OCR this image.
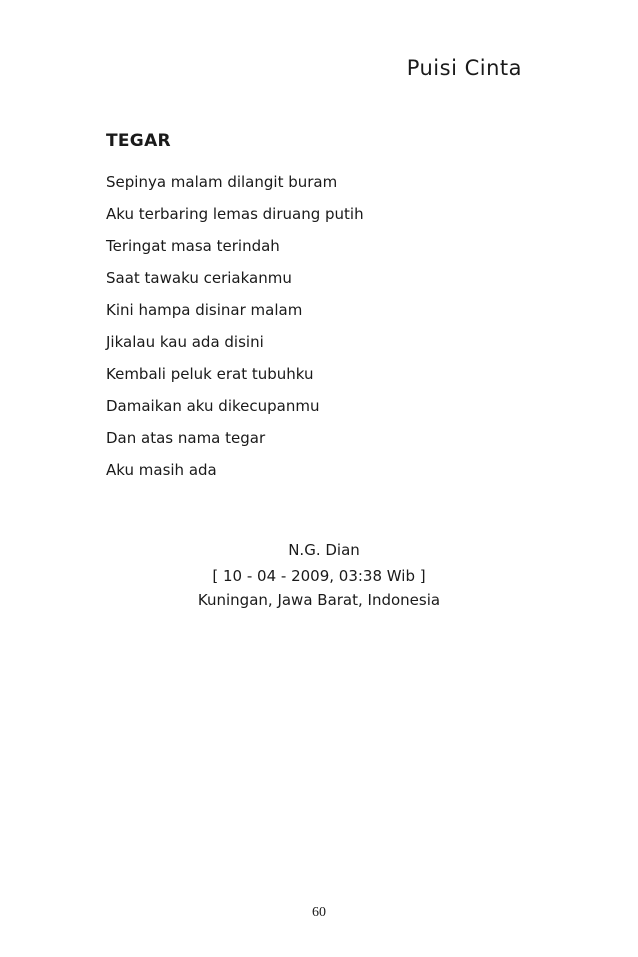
Puisi Cinta
TEGAR
Sepinya malam dilangit buram
Aku terbaring lemas diruang putih
Teringat masa terindah
Saat tawaku ceriakanmu
Kini hampa disinar malam
Jikalau kau ada disini
Kembali peluk erat tubuhku
Damaikan aku dikecupanmu
Dan atas nama tegar
Aku masih ada
N.G. Dian
[ 10 - 04 - 2009, 03:38 Wib ]
Kuningan, Jawa Barat, Indonesia
60
